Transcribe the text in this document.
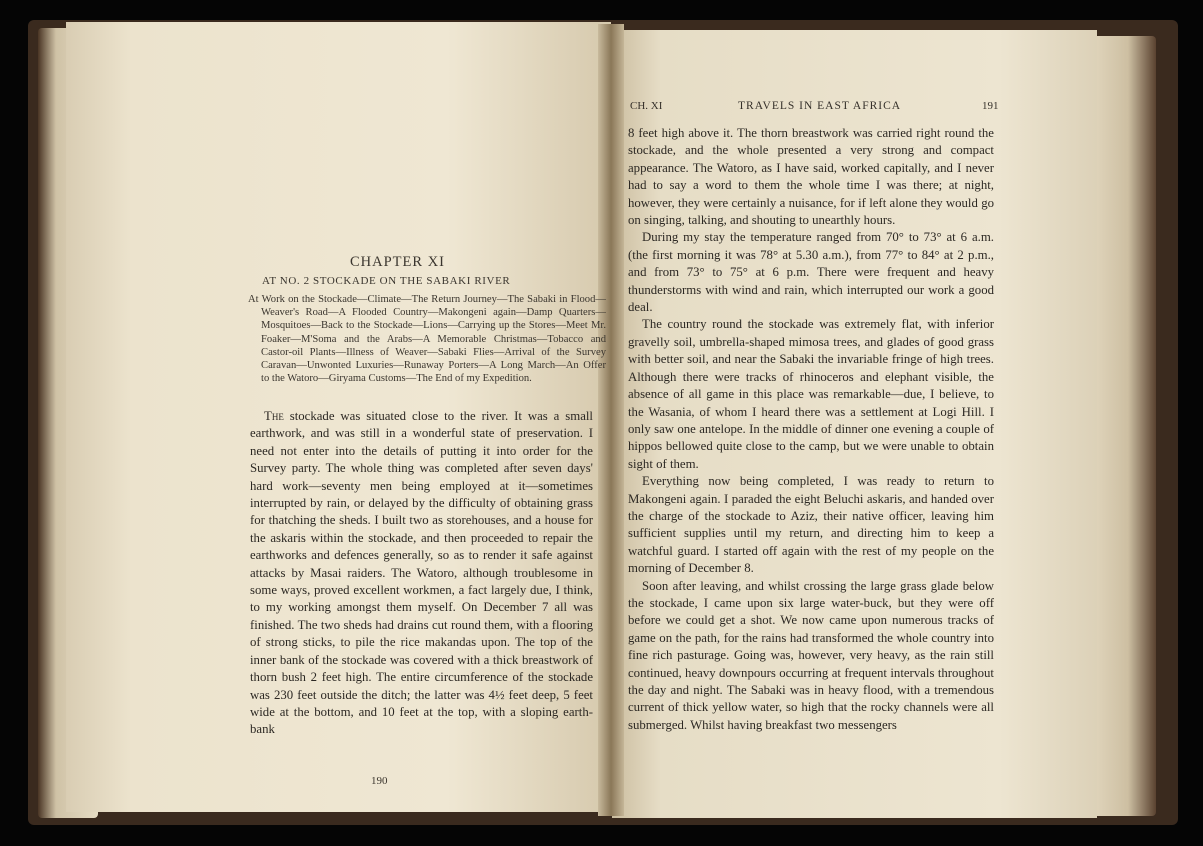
CHAPTER XI
AT NO. 2 STOCKADE ON THE SABAKI RIVER
At Work on the Stockade—Climate—The Return Journey—The Sabaki in Flood—Weaver's Road—A Flooded Country—Makongeni again—Damp Quarters—Mosquitoes—Back to the Stockade—Lions—Carrying up the Stores—Meet Mr. Foaker—M'Soma and the Arabs—A Memorable Christmas—Tobacco and Castor-oil Plants—Illness of Weaver—Sabaki Flies—Arrival of the Survey Caravan—Unwonted Luxuries—Runaway Porters—A Long March—An Offer to the Watoro—Giryama Customs—The End of my Expedition.

The stockade was situated close to the river. It was a small earthwork, and was still in a wonderful state of preservation. I need not enter into the details of putting it into order for the Survey party. The whole thing was completed after seven days' hard work—seventy men being employed at it—sometimes interrupted by rain, or delayed by the difficulty of obtaining grass for thatching the sheds. I built two as storehouses, and a house for the askaris within the stockade, and then proceeded to repair the earthworks and defences generally, so as to render it safe against attacks by Masai raiders. The Watoro, although troublesome in some ways, proved excellent workmen, a fact largely due, I think, to my working amongst them myself. On December 7 all was finished. The two sheds had drains cut round them, with a flooring of strong sticks, to pile the rice makandas upon. The top of the inner bank of the stockade was covered with a thick breastwork of thorn bush 2 feet high. The entire circumference of the stockade was 230 feet outside the ditch; the latter was 4½ feet deep, 5 feet wide at the bottom, and 10 feet at the top, with a sloping earth-bank

190
CH. XI	TRAVELS IN EAST AFRICA	191

8 feet high above it. The thorn breastwork was carried right round the stockade, and the whole presented a very strong and compact appearance. The Watoro, as I have said, worked capitally, and I never had to say a word to them the whole time I was there; at night, however, they were certainly a nuisance, for if left alone they would go on singing, talking, and shouting to unearthly hours.

During my stay the temperature ranged from 70° to 73° at 6 a.m. (the first morning it was 78° at 5.30 a.m.), from 77° to 84° at 2 p.m., and from 73° to 75° at 6 p.m. There were frequent and heavy thunderstorms with wind and rain, which interrupted our work a good deal.

The country round the stockade was extremely flat, with inferior gravelly soil, umbrella-shaped mimosa trees, and glades of good grass with better soil, and near the Sabaki the invariable fringe of high trees. Although there were tracks of rhinoceros and elephant visible, the absence of all game in this place was remarkable—due, I believe, to the Wasania, of whom I heard there was a settlement at Logi Hill. I only saw one antelope. In the middle of dinner one evening a couple of hippos bellowed quite close to the camp, but we were unable to obtain sight of them.

Everything now being completed, I was ready to return to Makongeni again. I paraded the eight Beluchi askaris, and handed over the charge of the stockade to Aziz, their native officer, leaving him sufficient supplies until my return, and directing him to keep a watchful guard. I started off again with the rest of my people on the morning of December 8.

Soon after leaving, and whilst crossing the large grass glade below the stockade, I came upon six large water-buck, but they were off before we could get a shot. We now came upon numerous tracks of game on the path, for the rains had transformed the whole country into fine rich pasturage. Going was, however, very heavy, as the rain still continued, heavy downpours occurring at frequent intervals throughout the day and night. The Sabaki was in heavy flood, with a tremendous current of thick yellow water, so high that the rocky channels were all submerged. Whilst having breakfast two messengers
